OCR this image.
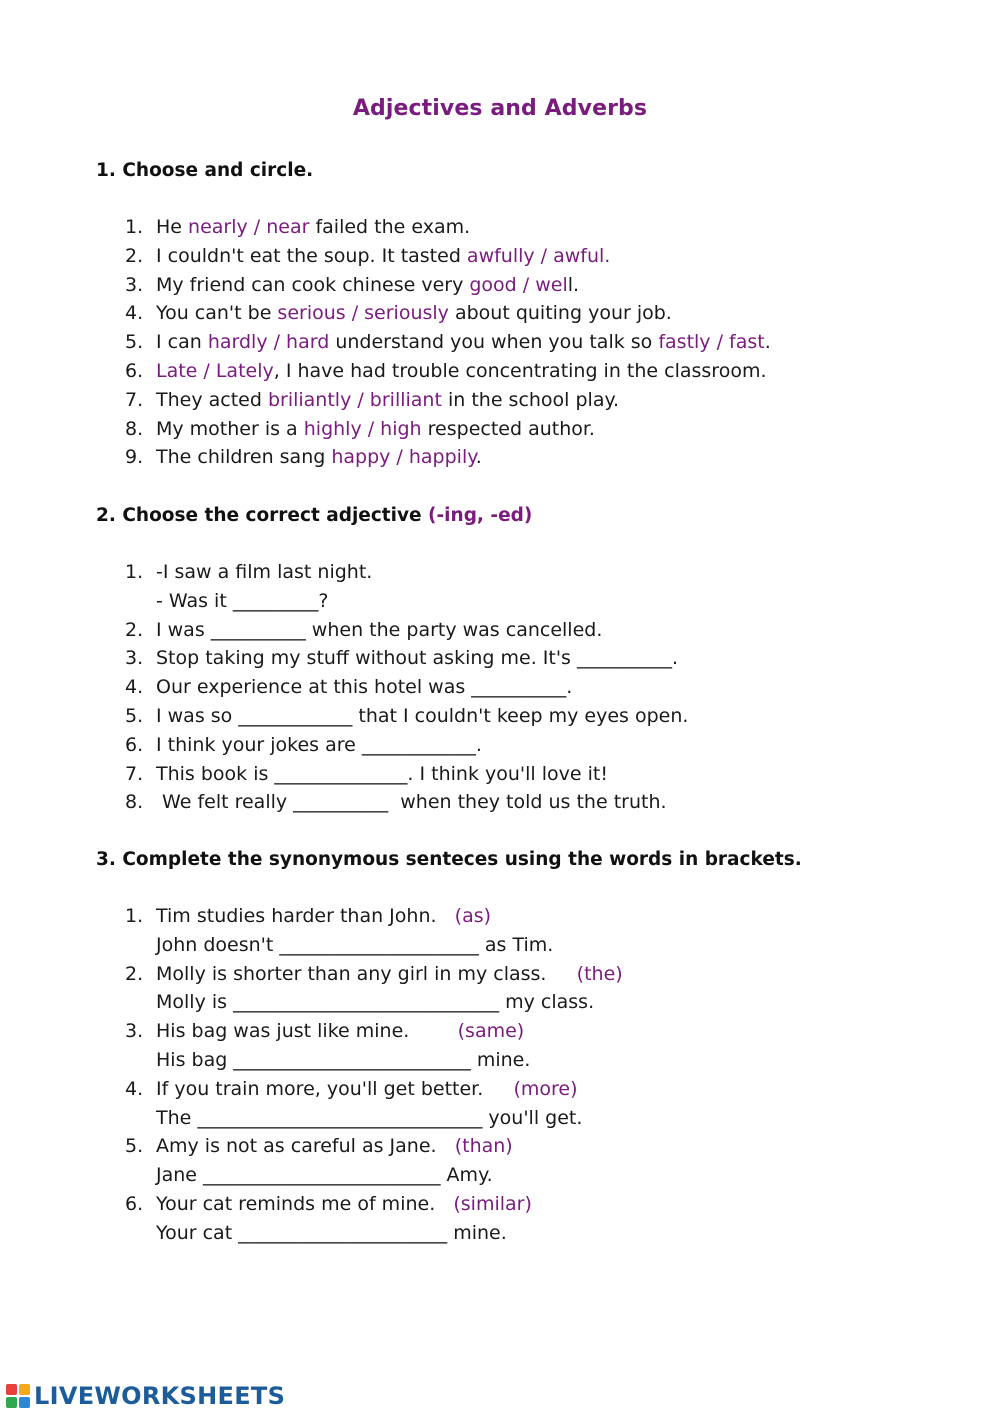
Adjectives and Adverbs

1. Choose and circle.

1. He nearly / near failed the exam.
2. I couldn't eat the soup. It tasted awfully / awful.
3. My friend can cook chinese very good / well.
4. You can't be serious / seriously about quiting your job.
5. I can hardly / hard understand you when you talk so fastly / fast.
6. Late / Lately, I have had trouble concentrating in the classroom.
7. They acted briliantly / brilliant in the school play.
8. My mother is a highly / high respected author.
9. The children sang happy / happily.

2. Choose the correct adjective (-ing, -ed)

1. -I saw a film last night.
- Was it _________?
2. I was __________ when the party was cancelled.
3. Stop taking my stuff without asking me. It's __________.
4. Our experience at this hotel was __________.
5. I was so ____________ that I couldn't keep my eyes open.
6. I think your jokes are ____________.
7. This book is ______________. I think you'll love it!
8. We felt really __________  when they told us the truth.

3. Complete the synonymous senteces using the words in brackets.

1. Tim studies harder than John. (as)
John doesn't _____________________ as Tim.
2. Molly is shorter than any girl in my class. (the)
Molly is ____________________________ my class.
3. His bag was just like mine.	(same)
His bag _________________________ mine.
4. If you train more, you'll get better. (more)
The ______________________________ you'll get.
5. Amy is not as careful as Jane. (than)
Jane _________________________ Amy.
6. Your cat reminds me of mine. (similar)
Your cat ______________________ mine.
LIVEWORKSHEETS
